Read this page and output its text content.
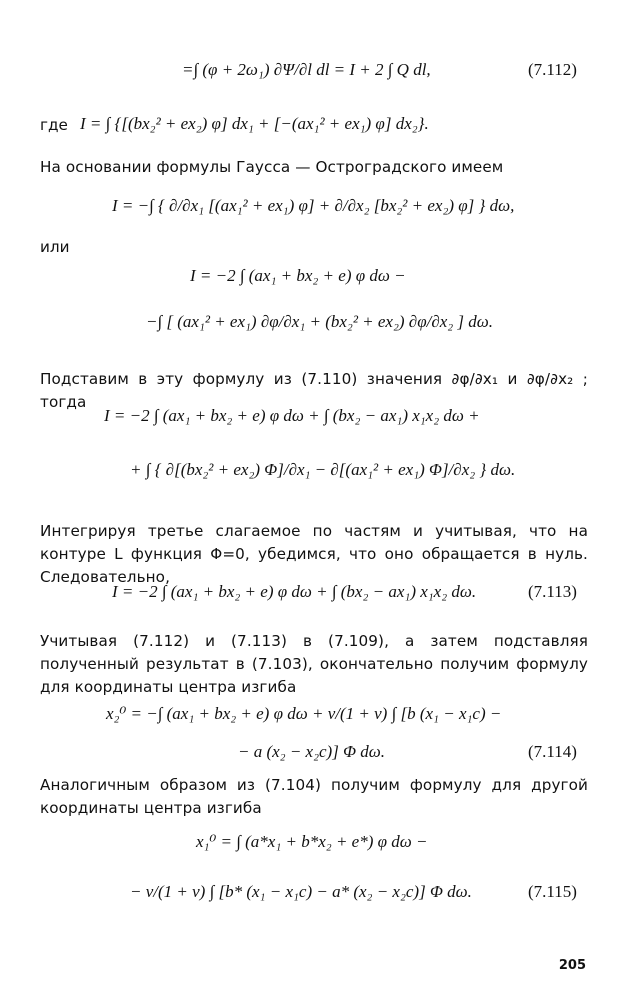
=∫ (φ + 2ω₁) ∂Ψ/∂l dl = I + 2 ∫ Q dl,	(7.112)
где I = ∫ {[(bx₂² + ex₂) φ] dx₁ + [−(ax₁² + ex₁) φ] dx₂}.
На основании формулы Гаусса — Остроградского имеем
I = −∫ { ∂/∂x₁ [(ax₁² + ex₁) φ] + ∂/∂x₂ [bx₂² + ex₂) φ] } dω,
или
I = −2 ∫ (ax₁ + bx₂ + e) φ dω −
−∫ [ (ax₁² + ex₁) ∂φ/∂x₁ + (bx₂² + ex₂) ∂φ/∂x₂ ] dω.
Подставим в эту формулу из (7.110) значения ∂φ/∂x₁ и ∂φ/∂x₂ ; тогда
I = −2 ∫ (ax₁ + bx₂ + e) φ dω + ∫ (bx₂ − ax₁) x₁x₂ dω +
+ ∫ { ∂[(bx₂² + ex₂) Φ]/∂x₁ − ∂[(ax₁² + ex₁) Φ]/∂x₂ } dω.
Интегрируя третье слагаемое по частям и учитывая, что на контуре L функция Φ=0, убедимся, что оно обращается в нуль. Следовательно,
I = −2 ∫ (ax₁ + bx₂ + e) φ dω + ∫ (bx₂ − ax₁) x₁x₂ dω.	(7.113)
Учитывая (7.112) и (7.113) в (7.109), а затем подставляя полученный результат в (7.103), окончательно получим формулу для координаты центра изгиба
x₂⁰ = −∫ (ax₁ + bx₂ + e) φ dω + ν/(1 + ν) ∫ [b (x₁ − x₁c) −
− a (x₂ − x₂c)] Φ dω.	(7.114)
Аналогичным образом из (7.104) получим формулу для другой координаты центра изгиба
x₁⁰ = ∫ (a*x₁ + b*x₂ + e*) φ dω −
− ν/(1 + ν) ∫ [b* (x₁ − x₁c) − a* (x₂ − x₂c)] Φ dω.	(7.115)
205
